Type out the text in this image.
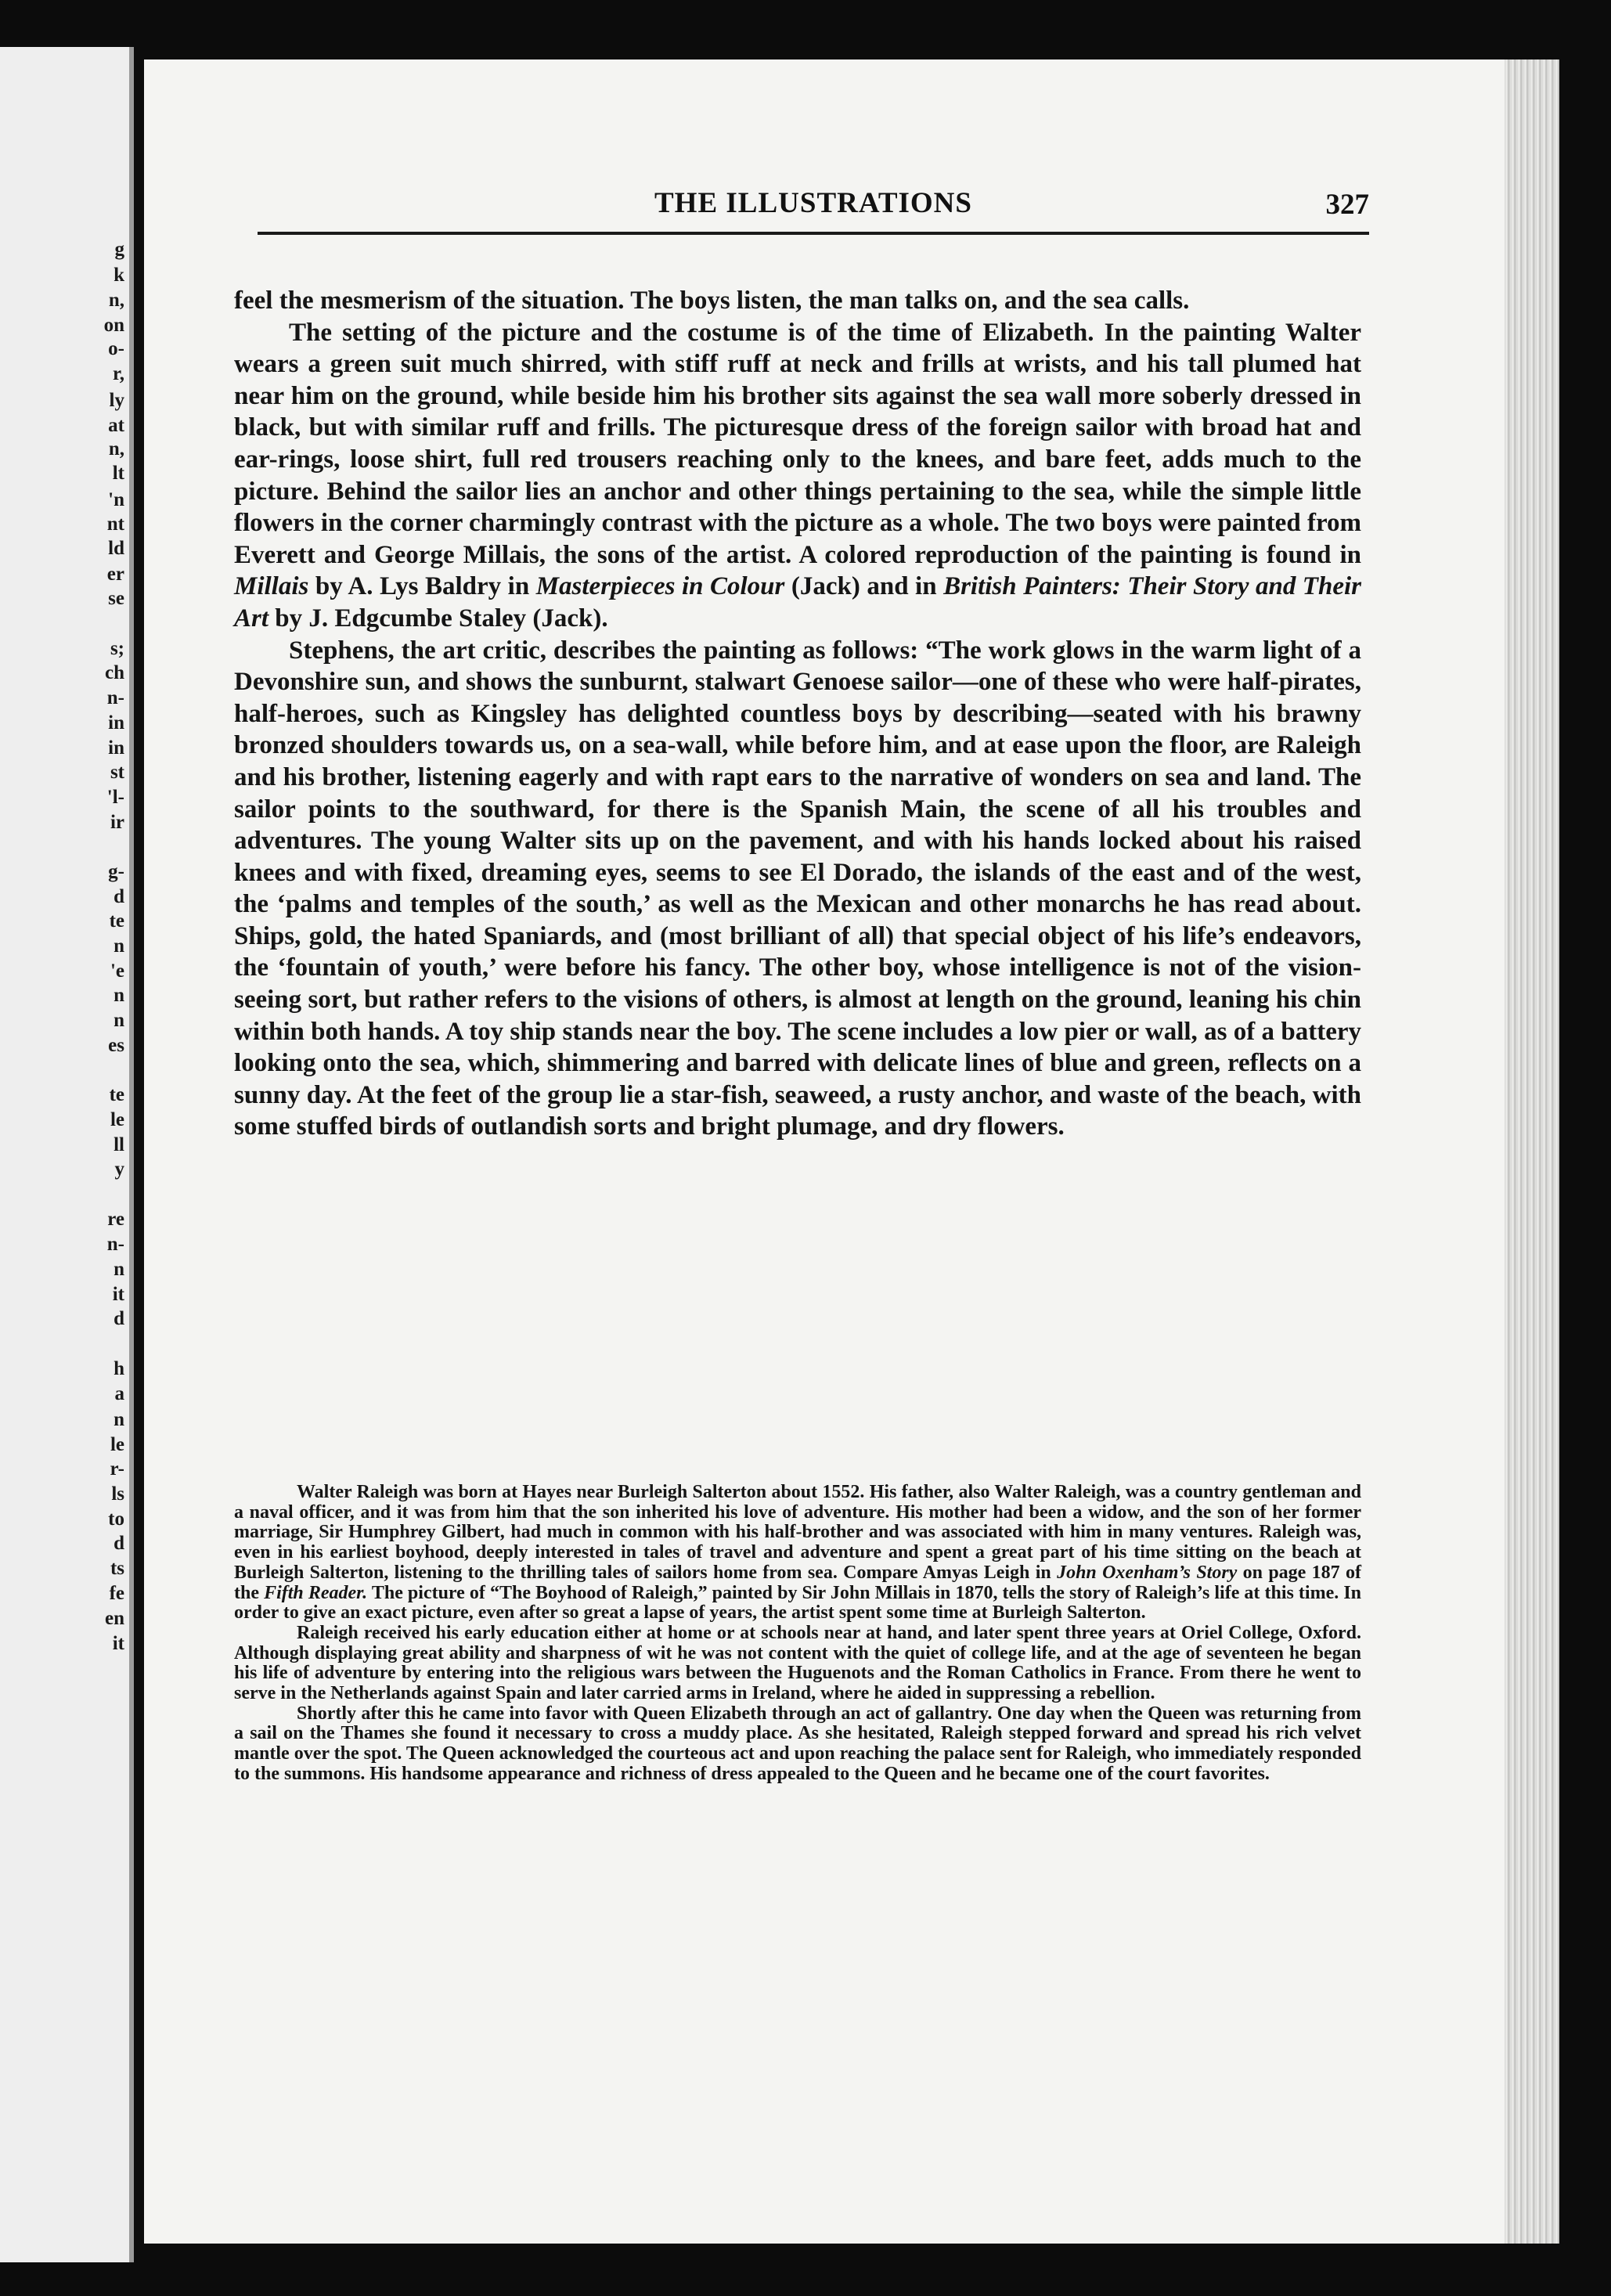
g
k
n,
on
o-
r,
ly
at
n,
lt
'n
nt
ld
er
se
s;
ch
n-
in
in
st
'l-
ir
g-
d
te
n
'e
n
n
es
te
le
ll
y
re
n-
n
it
d
h
a
n
le
r-
ls
to
d
ts
fe
en
it
THE ILLUSTRATIONS	327

feel the mesmerism of the situation. The boys listen, the man talks on, and the sea calls.

The setting of the picture and the costume is of the time of Elizabeth. In the painting Walter wears a green suit much shirred, with stiff ruff at neck and frills at wrists, and his tall plumed hat near him on the ground, while beside him his brother sits against the sea wall more soberly dressed in black, but with similar ruff and frills. The picturesque dress of the foreign sailor with broad hat and ear-rings, loose shirt, full red trousers reaching only to the knees, and bare feet, adds much to the picture. Behind the sailor lies an anchor and other things pertaining to the sea, while the simple little flowers in the corner charmingly contrast with the picture as a whole. The two boys were painted from Everett and George Millais, the sons of the artist. A colored reproduction of the painting is found in Millais by A. Lys Baldry in Masterpieces in Colour (Jack) and in British Painters: Their Story and Their Art by J. Edgcumbe Staley (Jack).

Stephens, the art critic, describes the painting as follows: “The work glows in the warm light of a Devonshire sun, and shows the sunburnt, stalwart Genoese sailor—one of these who were half-pirates, half-heroes, such as Kingsley has delighted countless boys by describing—seated with his brawny bronzed shoulders towards us, on a sea-wall, while before him, and at ease upon the floor, are Raleigh and his brother, listening eagerly and with rapt ears to the narrative of wonders on sea and land. The sailor points to the southward, for there is the Spanish Main, the scene of all his troubles and adventures. The young Walter sits up on the pavement, and with his hands locked about his raised knees and with fixed, dreaming eyes, seems to see El Dorado, the islands of the east and of the west, the ‘palms and temples of the south,’ as well as the Mexican and other monarchs he has read about. Ships, gold, the hated Spaniards, and (most brilliant of all) that special object of his life’s endeavors, the ‘fountain of youth,’ were before his fancy. The other boy, whose intelligence is not of the vision-seeing sort, but rather refers to the visions of others, is almost at length on the ground, leaning his chin within both hands. A toy ship stands near the boy. The scene includes a low pier or wall, as of a battery looking onto the sea, which, shimmering and barred with delicate lines of blue and green, reflects on a sunny day. At the feet of the group lie a star-fish, seaweed, a rusty anchor, and waste of the beach, with some stuffed birds of outlandish sorts and bright plumage, and dry flowers.

Walter Raleigh was born at Hayes near Burleigh Salterton about 1552. His father, also Walter Raleigh, was a country gentleman and a naval officer, and it was from him that the son inherited his love of adventure. His mother had been a widow, and the son of her former marriage, Sir Humphrey Gilbert, had much in common with his half-brother and was associated with him in many ventures. Raleigh was, even in his earliest boyhood, deeply interested in tales of travel and adventure and spent a great part of his time sitting on the beach at Burleigh Salterton, listening to the thrilling tales of sailors home from sea. Compare Amyas Leigh in John Oxenham’s Story on page 187 of the Fifth Reader. The picture of “The Boyhood of Raleigh,” painted by Sir John Millais in 1870, tells the story of Raleigh’s life at this time. In order to give an exact picture, even after so great a lapse of years, the artist spent some time at Burleigh Salterton.

Raleigh received his early education either at home or at schools near at hand, and later spent three years at Oriel College, Oxford. Although displaying great ability and sharpness of wit he was not content with the quiet of college life, and at the age of seventeen he began his life of adventure by entering into the religious wars between the Huguenots and the Roman Catholics in France. From there he went to serve in the Netherlands against Spain and later carried arms in Ireland, where he aided in suppressing a rebellion.

Shortly after this he came into favor with Queen Elizabeth through an act of gallantry. One day when the Queen was returning from a sail on the Thames she found it necessary to cross a muddy place. As she hesitated, Raleigh stepped forward and spread his rich velvet mantle over the spot. The Queen acknowledged the courteous act and upon reaching the palace sent for Raleigh, who immediately responded to the summons. His handsome appearance and richness of dress appealed to the Queen and he became one of the court favorites.
